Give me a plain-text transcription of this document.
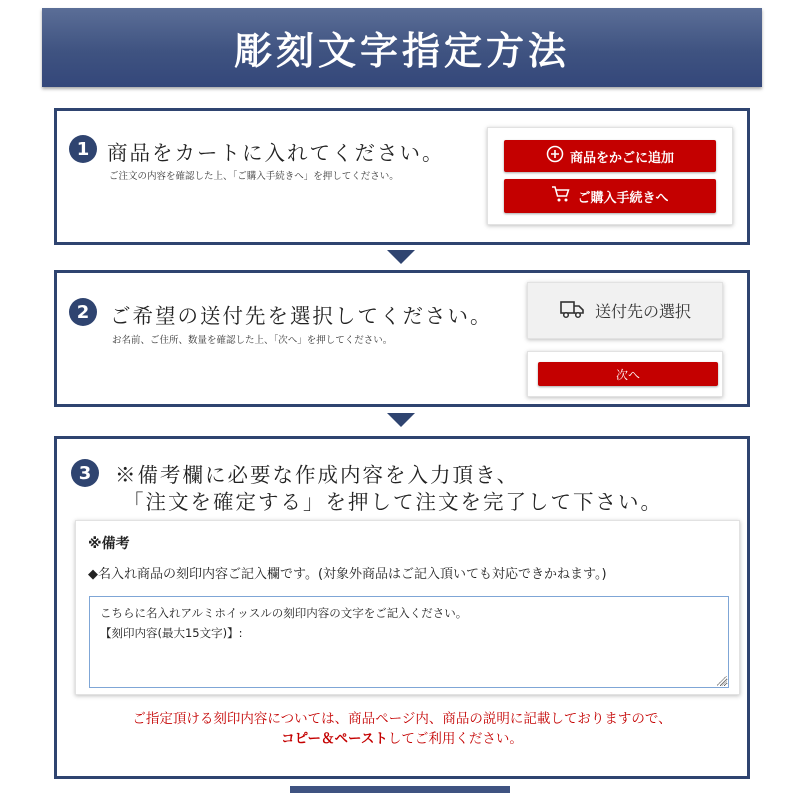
彫刻文字指定方法
1 商品をカートに入れてください。
ご注文の内容を確認した上、「ご購入手続きへ」を押してください。
商品をかごに追加
ご購入手続きへ
2	ご希望の送付先を選択してください。
お名前、ご住所、数量を確認した上、「次へ」を押してください。
送付先の選択
次へ
3	※備考欄に必要な作成内容を入力頂き、
「注文を確定する」を押して注文を完了して下さい。
※備考
◆名入れ商品の刻印内容ご記入欄です。(対象外商品はご記入頂いても対応できかねます。)
こちらに名入れアルミホイッスルの刻印内容の文字をご記入ください。
【刻印内容(最大15文字)】:
ご指定頂ける刻印内容については、商品ページ内、商品の説明に記載しておりますので、
コピー＆ペーストしてご利用ください。
